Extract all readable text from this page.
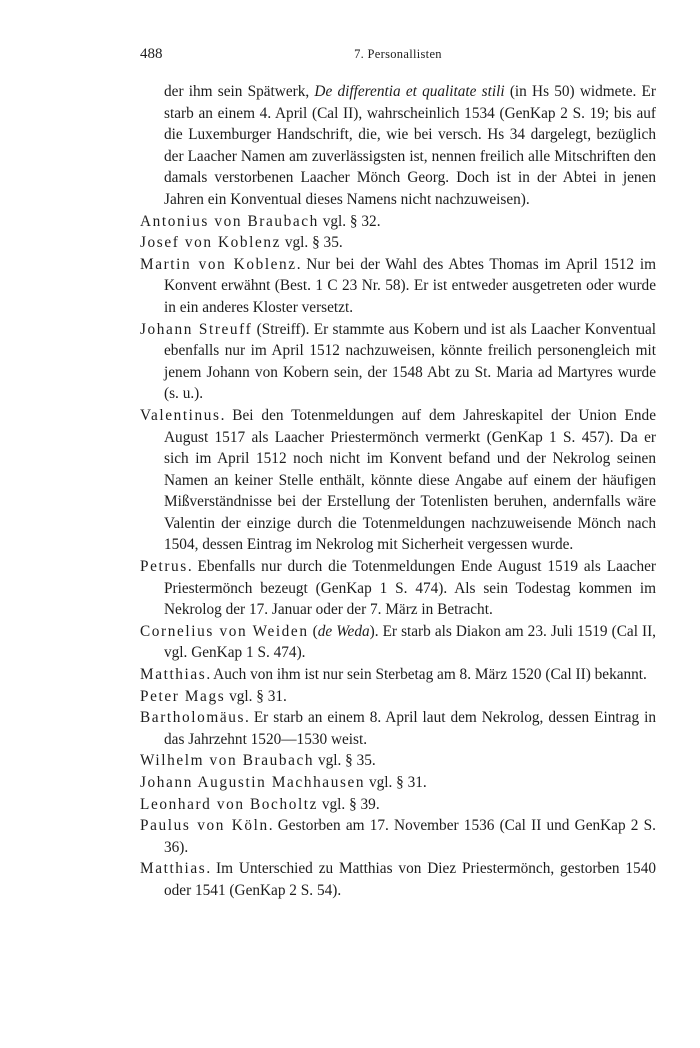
488	7. Personallisten

der ihm sein Spätwerk, De differentia et qualitate stili (in Hs 50) widmete. Er starb an einem 4. April (Cal II), wahrscheinlich 1534 (GenKap 2 S. 19; bis auf die Luxemburger Handschrift, die, wie bei versch. Hs 34 dargelegt, bezüglich der Laacher Namen am zuverlässigsten ist, nennen freilich alle Mitschriften den damals verstorbenen Laacher Mönch Georg. Doch ist in der Abtei in jenen Jahren ein Konventual dieses Namens nicht nachzuweisen).

Antonius von Braubach vgl. § 32.

Josef von Koblenz vgl. § 35.

Martin von Koblenz. Nur bei der Wahl des Abtes Thomas im April 1512 im Konvent erwähnt (Best. 1 C 23 Nr. 58). Er ist entweder ausgetreten oder wurde in ein anderes Kloster versetzt.

Johann Streuff (Streiff). Er stammte aus Kobern und ist als Laacher Konventual ebenfalls nur im April 1512 nachzuweisen, könnte freilich personengleich mit jenem Johann von Kobern sein, der 1548 Abt zu St. Maria ad Martyres wurde (s. u.).

Valentinus. Bei den Totenmeldungen auf dem Jahreskapitel der Union Ende August 1517 als Laacher Priestermönch vermerkt (GenKap 1 S. 457). Da er sich im April 1512 noch nicht im Konvent befand und der Nekrolog seinen Namen an keiner Stelle enthält, könnte diese Angabe auf einem der häufigen Mißverständnisse bei der Erstellung der Totenlisten beruhen, andernfalls wäre Valentin der einzige durch die Totenmeldungen nachzuweisende Mönch nach 1504, dessen Eintrag im Nekrolog mit Sicherheit vergessen wurde.

Petrus. Ebenfalls nur durch die Totenmeldungen Ende August 1519 als Laacher Priestermönch bezeugt (GenKap 1 S. 474). Als sein Todestag kommen im Nekrolog der 17. Januar oder der 7. März in Betracht.

Cornelius von Weiden (de Weda). Er starb als Diakon am 23. Juli 1519 (Cal II, vgl. GenKap 1 S. 474).

Matthias. Auch von ihm ist nur sein Sterbetag am 8. März 1520 (Cal II) bekannt.

Peter Mags vgl. § 31.

Bartholomäus. Er starb an einem 8. April laut dem Nekrolog, dessen Eintrag in das Jahrzehnt 1520—1530 weist.

Wilhelm von Braubach vgl. § 35.

Johann Augustin Machhausen vgl. § 31.

Leonhard von Bocholtz vgl. § 39.

Paulus von Köln. Gestorben am 17. November 1536 (Cal II und GenKap 2 S. 36).

Matthias. Im Unterschied zu Matthias von Diez Priestermönch, gestorben 1540 oder 1541 (GenKap 2 S. 54).
